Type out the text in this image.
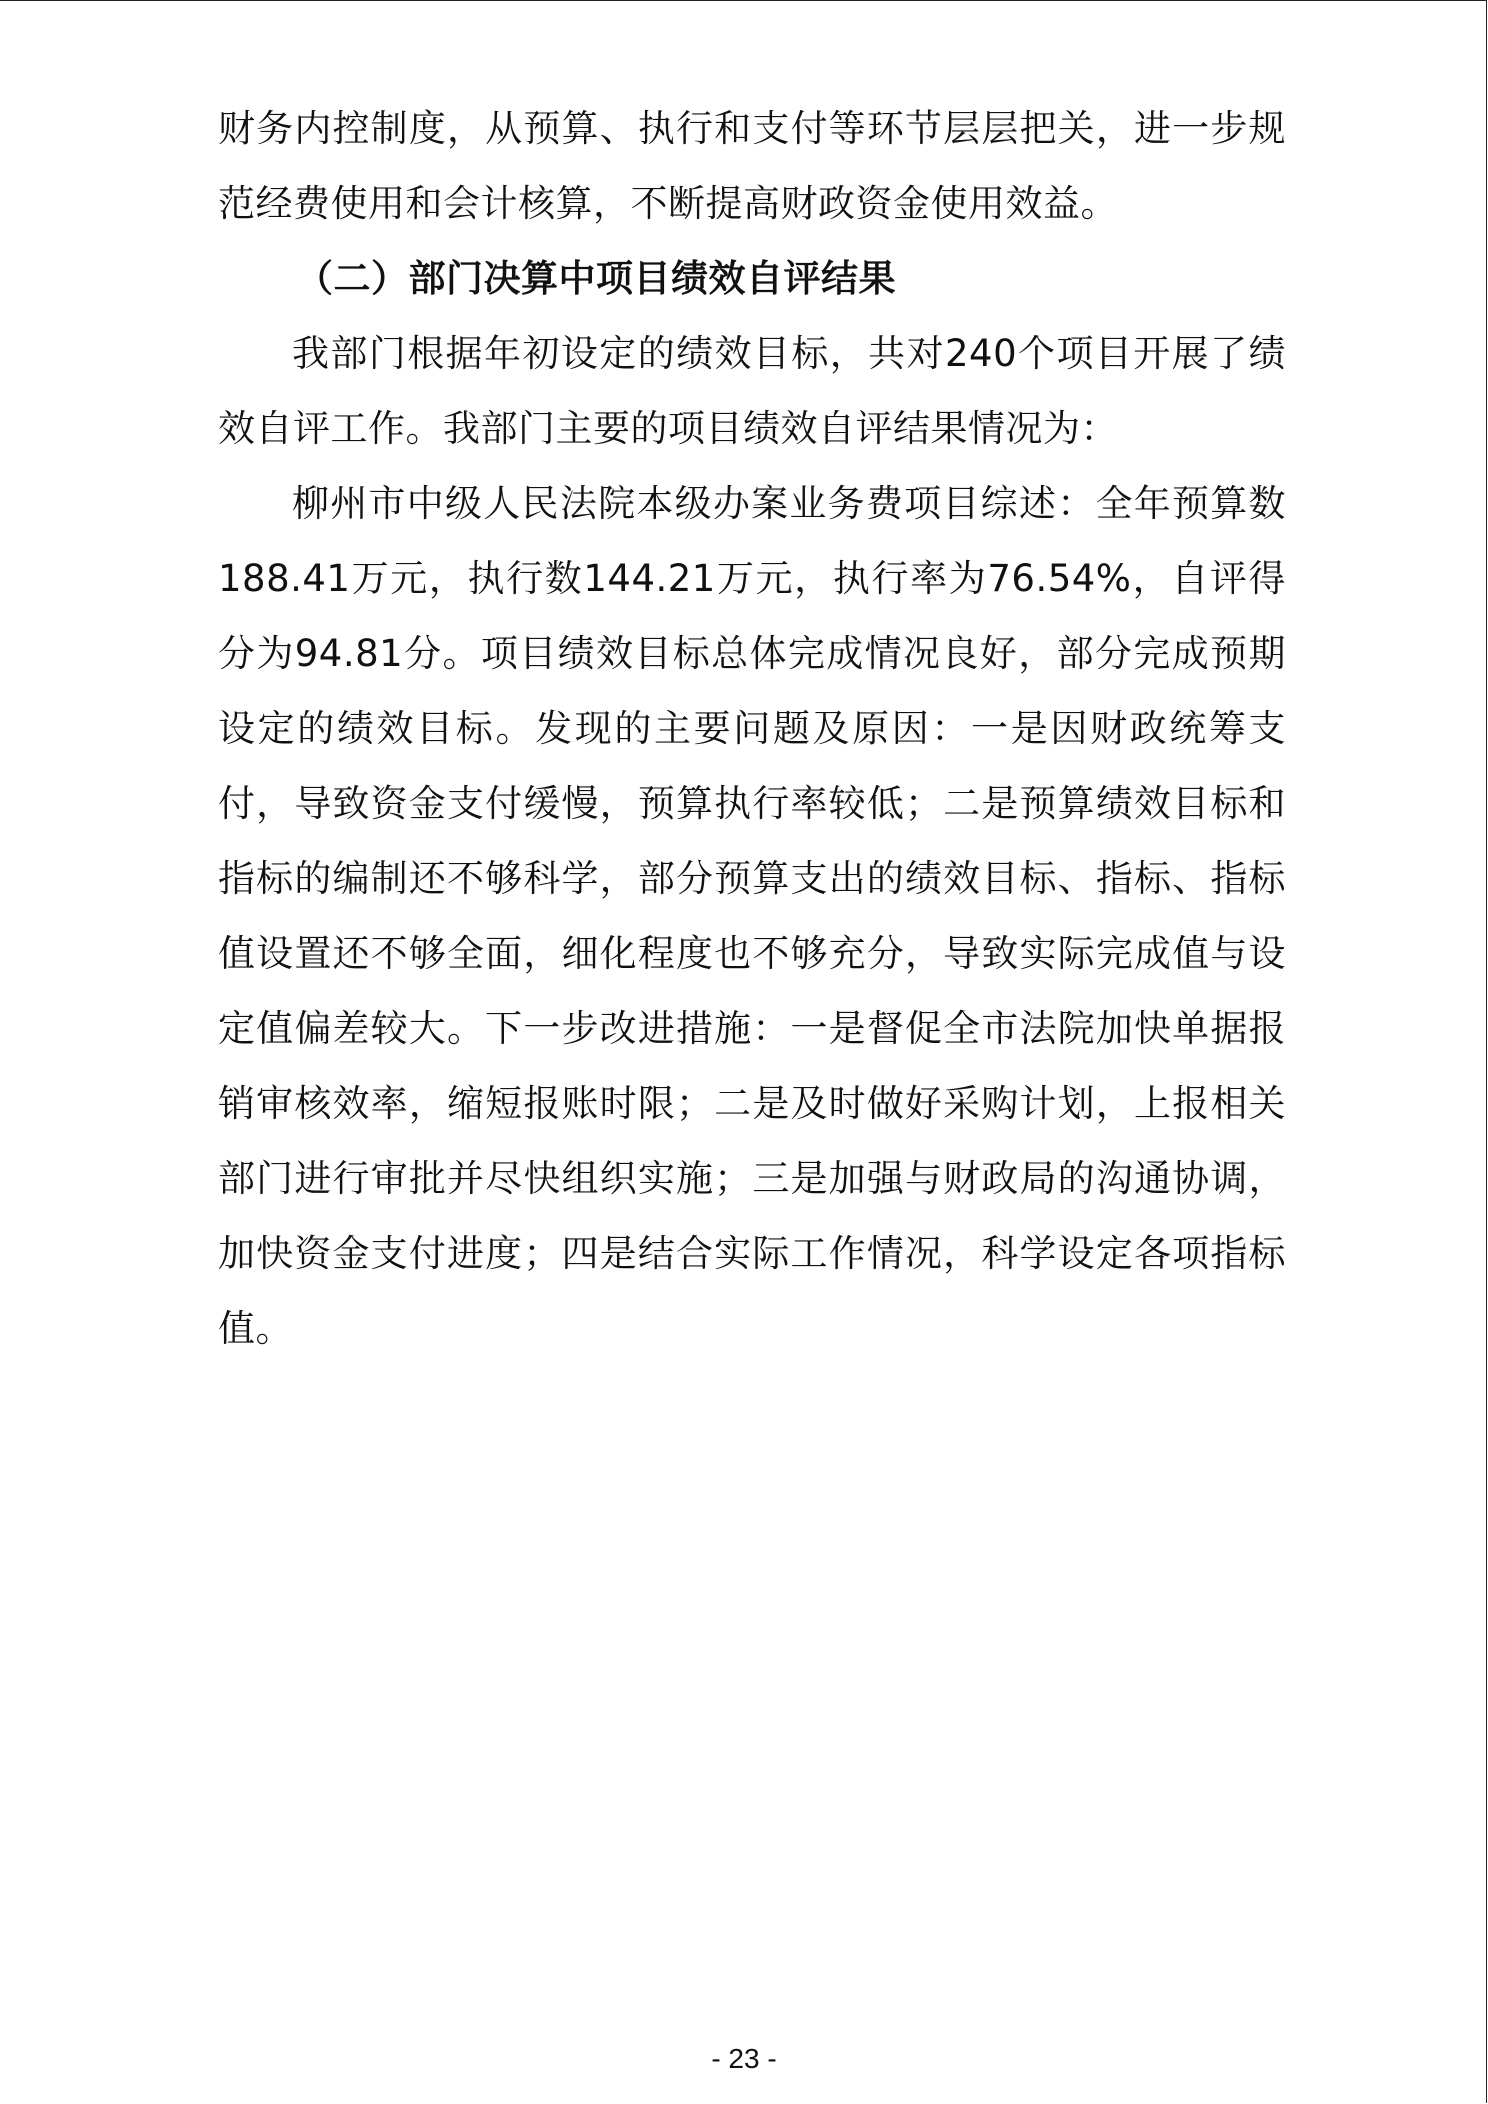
财务内控制度，从预算、执行和支付等环节层层把关，进一步规范经费使用和会计核算，不断提高财政资金使用效益。
（二）部门决算中项目绩效自评结果
我部门根据年初设定的绩效目标，共对240个项目开展了绩效自评工作。我部门主要的项目绩效自评结果情况为：
柳州市中级人民法院本级办案业务费项目综述：全年预算数188.41万元，执行数144.21万元，执行率为76.54%，自评得分为94.81分。项目绩效目标总体完成情况良好，部分完成预期设定的绩效目标。发现的主要问题及原因：一是因财政统筹支付，导致资金支付缓慢，预算执行率较低；二是预算绩效目标和指标的编制还不够科学，部分预算支出的绩效目标、指标、指标值设置还不够全面，细化程度也不够充分，导致实际完成值与设定值偏差较大。下一步改进措施：一是督促全市法院加快单据报销审核效率，缩短报账时限；二是及时做好采购计划，上报相关部门进行审批并尽快组织实施；三是加强与财政局的沟通协调，加快资金支付进度；四是结合实际工作情况，科学设定各项指标值。
- 23 -
